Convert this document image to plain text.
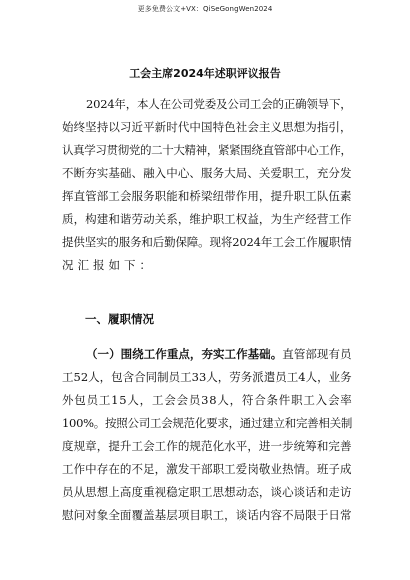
更多免费公文+VX：QiSeGongWen2024
工会主席2024年述职评议报告
2024年，本人在公司党委及公司工会的正确领导下，
始终坚持以习近平新时代中国特色社会主义思想为指引，
认真学习贯彻党的二十大精神，紧紧围绕直管部中心工作，
不断夯实基础、融入中心、服务大局、关爱职工，充分发
挥直管部工会服务职能和桥梁纽带作用，提升职工队伍素
质，构建和谐劳动关系，维护职工权益，为生产经营工作
提供坚实的服务和后勤保障。现将2024年工会工作履职情
况汇报如下：
一、履职情况
（一）围绕工作重点，夯实工作基础。直管部现有员
工52人，包含合同制员工33人，劳务派遣员工4人，业务
外包员工15人，工会会员38人，符合条件职工入会率
100%。按照公司工会规范化要求，通过建立和完善相关制
度规章，提升工会工作的规范化水平，进一步统筹和完善
工作中存在的不足，激发干部职工爱岗敬业热情。班子成
员从思想上高度重视稳定职工思想动态，谈心谈话和走访
慰问对象全面覆盖基层项目职工，谈话内容不局限于日常
